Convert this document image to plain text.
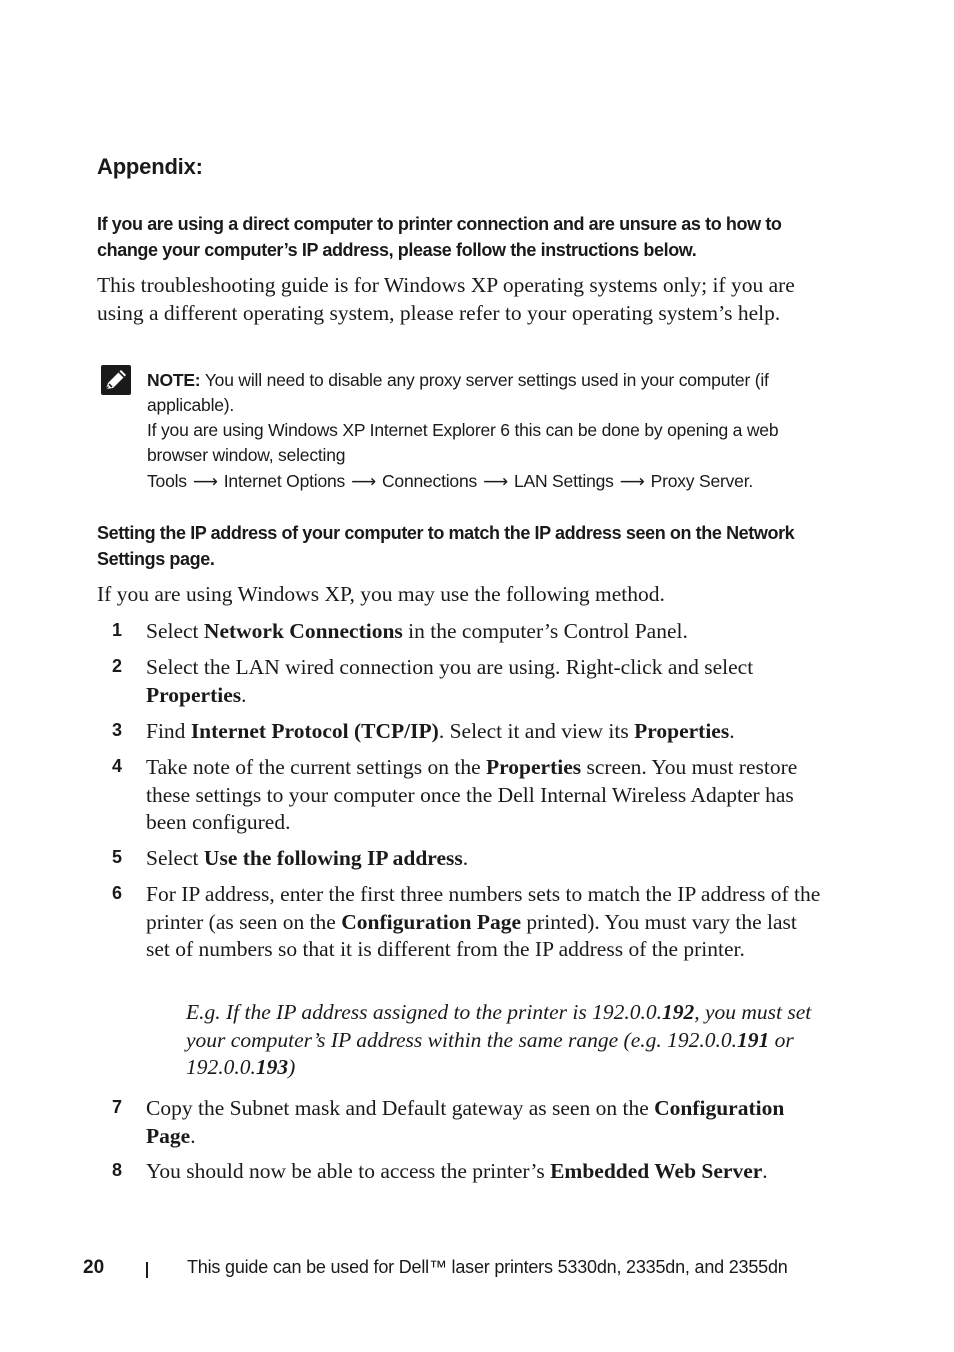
Appendix:
If you are using a direct computer to printer connection and are unsure as to how to change your computer’s IP address, please follow the instructions below.
This troubleshooting guide is for Windows XP operating systems only; if you are using a different operating system, please refer to your operating system’s help.
NOTE: You will need to disable any proxy server settings used in your computer (if applicable).
If you are using Windows XP Internet Explorer 6 this can be done by opening a web browser window, selecting
Tools ⟶ Internet Options ⟶ Connections ⟶ LAN Settings ⟶ Proxy Server.
Setting the IP address of your computer to match the IP address seen on the Network Settings page.
If you are using Windows XP, you may use the following method.
1 Select Network Connections in the computer’s Control Panel.
2 Select the LAN wired connection you are using. Right-click and select Properties.
3 Find Internet Protocol (TCP/IP). Select it and view its Properties.
4 Take note of the current settings on the Properties screen. You must restore these settings to your computer once the Dell Internal Wireless Adapter has been configured.
5 Select Use the following IP address.
6 For IP address, enter the first three numbers sets to match the IP address of the printer (as seen on the Configuration Page printed). You must vary the last set of numbers so that it is different from the IP address of the printer.
7 Copy the Subnet mask and Default gateway as seen on the Configuration Page.
8 You should now be able to access the printer’s Embedded Web Server.
E.g. If the IP address assigned to the printer is 192.0.0.192, you must set your computer’s IP address within the same range (e.g. 192.0.0.191 or 192.0.0.193)
20	This guide can be used for Dell™ laser printers 5330dn, 2335dn, and 2355dn
